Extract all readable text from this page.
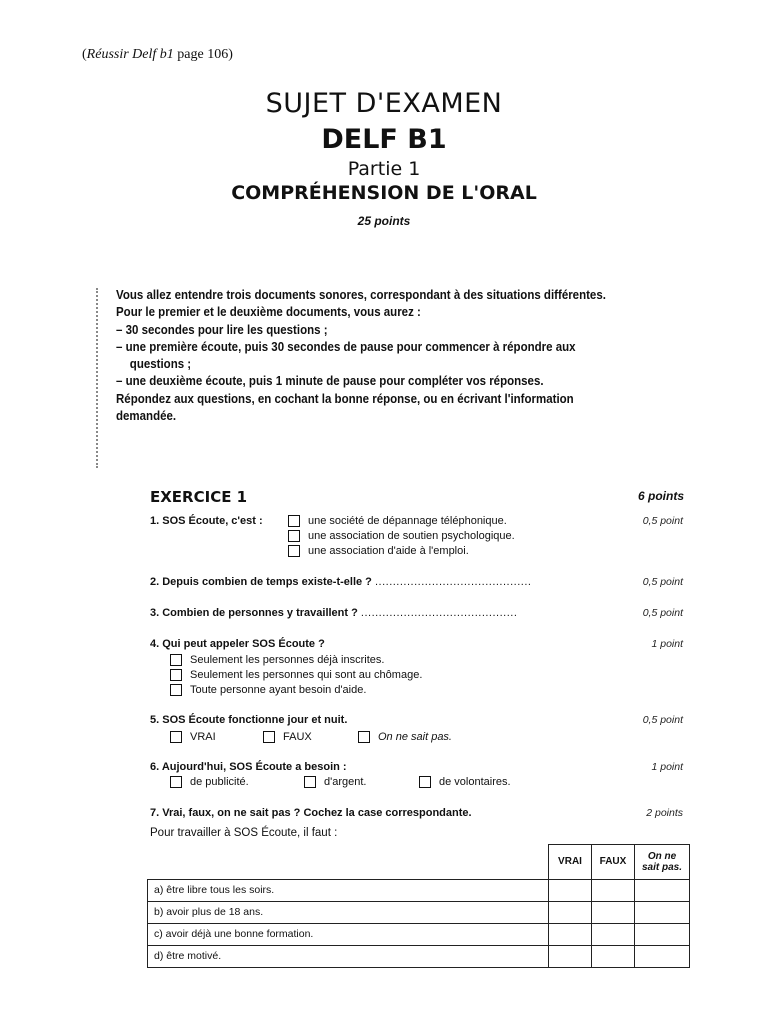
(Réussir Delf b1 page 106)
SUJET D'EXAMEN
DELF B1
Partie 1
COMPRÉHENSION DE L'ORAL
25 points
Vous allez entendre trois documents sonores, correspondant à des situations différentes.
Pour le premier et le deuxième documents, vous aurez :
– 30 secondes pour lire les questions ;
– une première écoute, puis 30 secondes de pause pour commencer à répondre aux
questions ;
– une deuxième écoute, puis 1 minute de pause pour compléter vos réponses.
Répondez aux questions, en cochant la bonne réponse, ou en écrivant l'information
demandée.
EXERCICE 1	6 points
1. SOS Écoute, c'est :	0,5 point
une société de dépannage téléphonique.
une association de soutien psychologique.
une association d'aide à l'emploi.
2. Depuis combien de temps existe-t-elle ? ............................................	0,5 point
3. Combien de personnes y travaillent ? ............................................	0,5 point
4. Qui peut appeler SOS Écoute ?	1 point
Seulement les personnes déjà inscrites.
Seulement les personnes qui sont au chômage.
Toute personne ayant besoin d'aide.
5. SOS Écoute fonctionne jour et nuit.	0,5 point
VRAI	FAUX	On ne sait pas.
6. Aujourd'hui, SOS Écoute a besoin :	1 point
de publicité.	d'argent.	de volontaires.
7. Vrai, faux, on ne sait pas ? Cochez la case correspondante.	2 points
Pour travailler à SOS Écoute, il faut :
	VRAI	FAUX	On ne
sait pas.

a) être libre tous les soirs.			
b) avoir plus de 18 ans.			
c) avoir déjà une bonne formation.			
d) être motivé.			
